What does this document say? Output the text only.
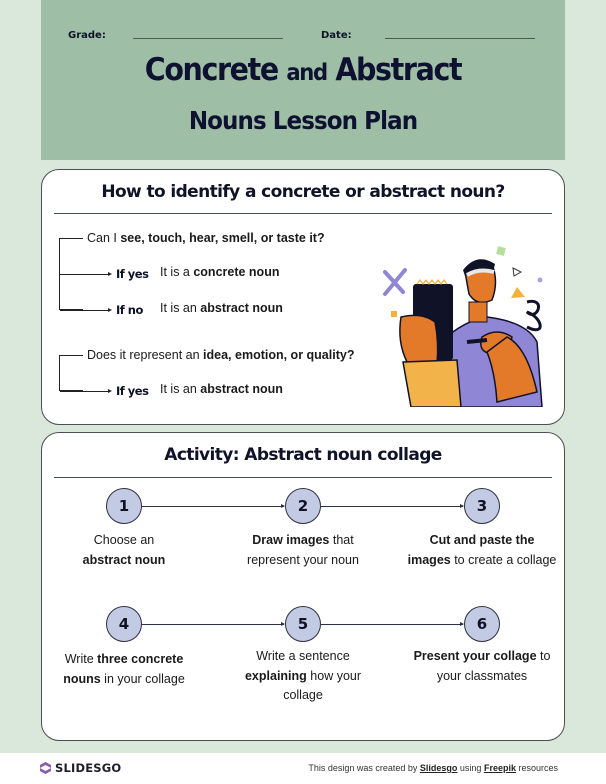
Grade:	Date:
Concrete and Abstract
Nouns Lesson Plan
How to identify a concrete or abstract noun?
Can I see, touch, hear, smell, or taste it?
If yes It is a concrete noun
If no It is an abstract noun
Does it represent an idea, emotion, or quality?
If yes It is an abstract noun
Activity: Abstract noun collage
1	2	3
4	5	6
Choose an
abstract noun
Draw images that represent your noun
Cut and paste the images to create a collage
Write three concrete nouns in your collage
Write a sentence explaining how your collage
Present your collage to your classmates
SLIDESGO	This design was created by Slidesgo using Freepik resources
